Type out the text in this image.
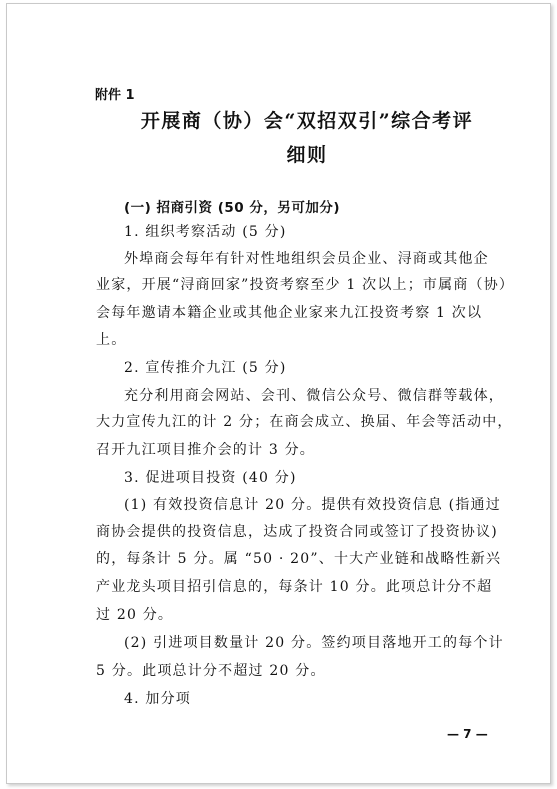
附件 1
开展商（协）会“双招双引”综合考评
细则
(一) 招商引资 (50 分，另可加分)
1. 组织考察活动 (5 分)
外埠商会每年有针对性地组织会员企业、浔商或其他企
业家，开展“浔商回家”投资考察至少 1 次以上；市属商（协）
会每年邀请本籍企业或其他企业家来九江投资考察 1 次以
上。
2. 宣传推介九江 (5 分)
充分利用商会网站、会刊、微信公众号、微信群等载体，
大力宣传九江的计 2 分；在商会成立、换届、年会等活动中，
召开九江项目推介会的计 3 分。
3. 促进项目投资 (40 分)
(1) 有效投资信息计 20 分。提供有效投资信息 (指通过
商协会提供的投资信息，达成了投资合同或签订了投资协议)
的，每条计 5 分。属 “50 · 20”、十大产业链和战略性新兴
产业龙头项目招引信息的，每条计 10 分。此项总计分不超
过 20 分。
(2) 引进项目数量计 20 分。签约项目落地开工的每个计
5 分。此项总计分不超过 20 分。
4. 加分项
— 7 —
